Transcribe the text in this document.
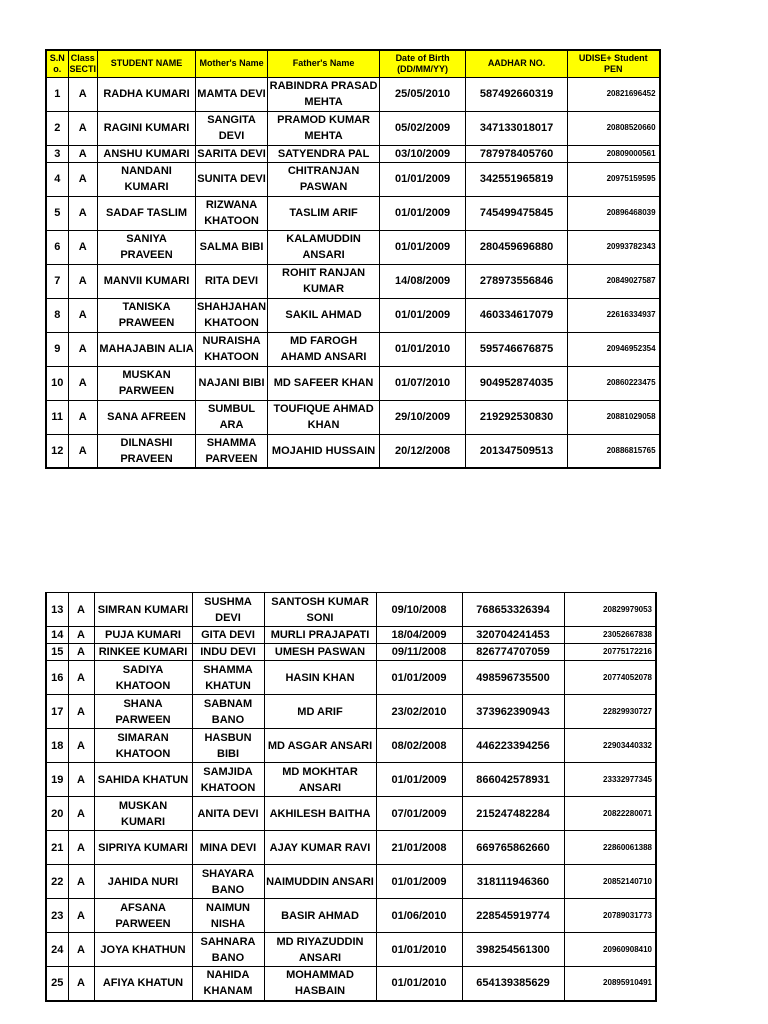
S.N o.	Class SECTI	STUDENT NAME	Mother's Name	Father's Name	Date of Birth (DD/MM/YY)	AADHAR NO.	UDISE+ Student PEN
1	A	RADHA KUMARI	MAMTA DEVI	RABINDRA PRASAD MEHTA	25/05/2010	587492660319	20821696452
2	A	RAGINI KUMARI	SANGITA DEVI	PRAMOD KUMAR MEHTA	05/02/2009	347133018017	20808520660
3	A	ANSHU KUMARI	SARITA DEVI	SATYENDRA PAL	03/10/2009	787978405760	20809000561
4	A	NANDANI KUMARI	SUNITA DEVI	CHITRANJAN PASWAN	01/01/2009	342551965819	20975159595
5	A	SADAF TASLIM	RIZWANA KHATOON	TASLIM ARIF	01/01/2009	745499475845	20896468039
6	A	SANIYA PRAVEEN	SALMA BIBI	KALAMUDDIN ANSARI	01/01/2009	280459696880	20993782343
7	A	MANVII KUMARI	RITA DEVI	ROHIT RANJAN KUMAR	14/08/2009	278973556846	20849027587
8	A	TANISKA PRAWEEN	SHAHJAHAN KHATOON	SAKIL AHMAD	01/01/2009	460334617079	22616334937
9	A	MAHAJABIN ALIA	NURAISHA KHATOON	MD FAROGH AHAMD ANSARI	01/01/2010	595746676875	20946952354
10	A	MUSKAN PARWEEN	NAJANI BIBI	MD SAFEER KHAN	01/07/2010	904952874035	20860223475
11	A	SANA AFREEN	SUMBUL ARA	TOUFIQUE AHMAD KHAN	29/10/2009	219292530830	20881029058
12	A	DILNASHI PRAVEEN	SHAMMA PARVEEN	MOJAHID HUSSAIN	20/12/2008	201347509513	20886815765
13	A	SIMRAN KUMARI	SUSHMA DEVI	SANTOSH KUMAR SONI	09/10/2008	768653326394	20829979053
14	A	PUJA KUMARI	GITA DEVI	MURLI PRAJAPATI	18/04/2009	320704241453	23052667838
15	A	RINKEE KUMARI	INDU DEVI	UMESH PASWAN	09/11/2008	826774707059	20775172216
16	A	SADIYA KHATOON	SHAMMA KHATUN	HASIN KHAN	01/01/2009	498596735500	20774052078
17	A	SHANA PARWEEN	SABNAM BANO	MD ARIF	23/02/2010	373962390943	22829930727
18	A	SIMARAN KHATOON	HASBUN BIBI	MD ASGAR ANSARI	08/02/2008	446223394256	22903440332
19	A	SAHIDA KHATUN	SAMJIDA KHATOON	MD MOKHTAR ANSARI	01/01/2009	866042578931	23332977345
20	A	MUSKAN KUMARI	ANITA DEVI	AKHILESH BAITHA	07/01/2009	215247482284	20822280071
21	A	SIPRIYA KUMARI	MINA DEVI	AJAY KUMAR RAVI	21/01/2008	669765862660	22860061388
22	A	JAHIDA NURI	SHAYARA BANO	NAIMUDDIN ANSARI	01/01/2009	318111946360	20852140710
23	A	AFSANA PARWEEN	NAIMUN NISHA	BASIR AHMAD	01/06/2010	228545919774	20789031773
24	A	JOYA KHATHUN	SAHNARA BANO	MD RIYAZUDDIN ANSARI	01/01/2010	398254561300	20960908410
25	A	AFIYA KHATUN	NAHIDA KHANAM	MOHAMMAD HASBAIN	01/01/2010	654139385629	20895910491
